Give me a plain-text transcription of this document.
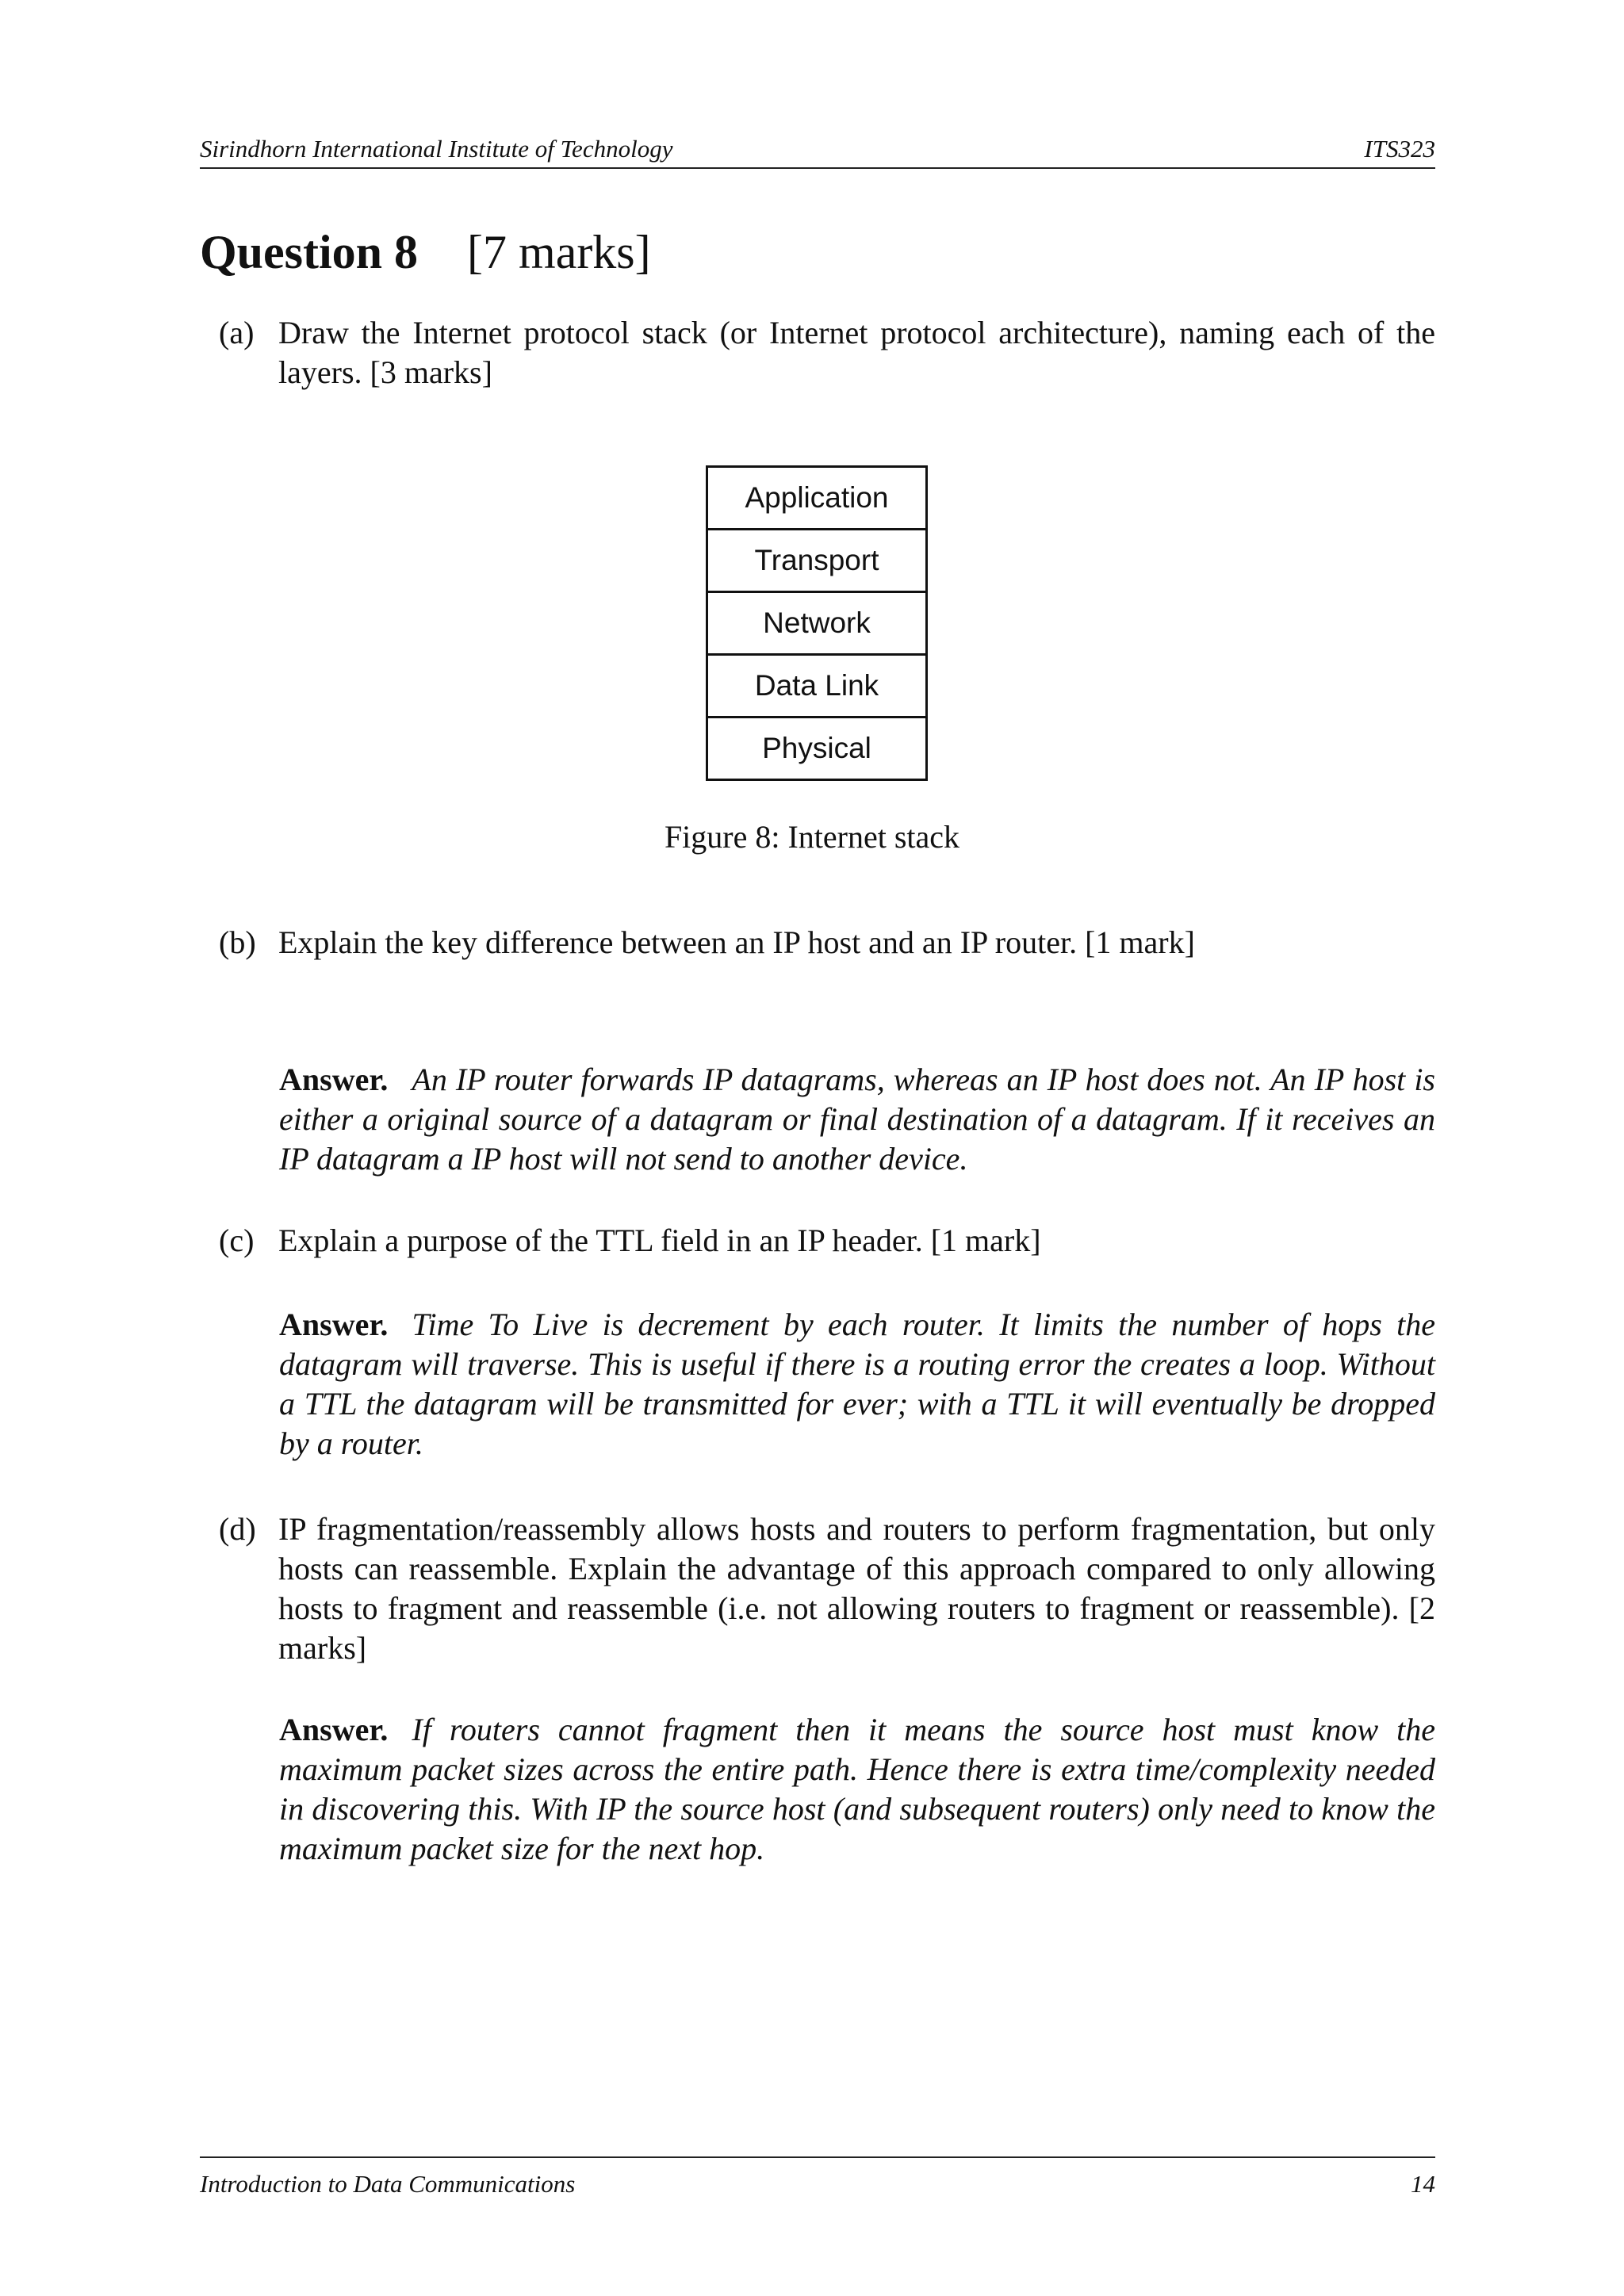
Sirindhorn International Institute of Technology	ITS323
Question 8 [7 marks]
(a) Draw the Internet protocol stack (or Internet protocol architecture), naming each of the layers. [3 marks]
Application
Transport
Network
Data Link
Physical
Figure 8: Internet stack
(b) Explain the key difference between an IP host and an IP router. [1 mark]
Answer. An IP router forwards IP datagrams, whereas an IP host does not. An IP host is either a original source of a datagram or final destination of a datagram. If it receives an IP datagram a IP host will not send to another device.
(c) Explain a purpose of the TTL field in an IP header. [1 mark]
Answer. Time To Live is decrement by each router. It limits the number of hops the datagram will traverse. This is useful if there is a routing error the creates a loop. Without a TTL the datagram will be transmitted for ever; with a TTL it will eventually be dropped by a router.
(d) IP fragmentation/reassembly allows hosts and routers to perform fragmentation, but only hosts can reassemble. Explain the advantage of this approach compared to only allowing hosts to fragment and reassemble (i.e. not allowing routers to fragment or reassemble). [2 marks]
Answer. If routers cannot fragment then it means the source host must know the maximum packet sizes across the entire path. Hence there is extra time/complexity needed in discovering this. With IP the source host (and subsequent routers) only need to know the maximum packet size for the next hop.
Introduction to Data Communications	14
